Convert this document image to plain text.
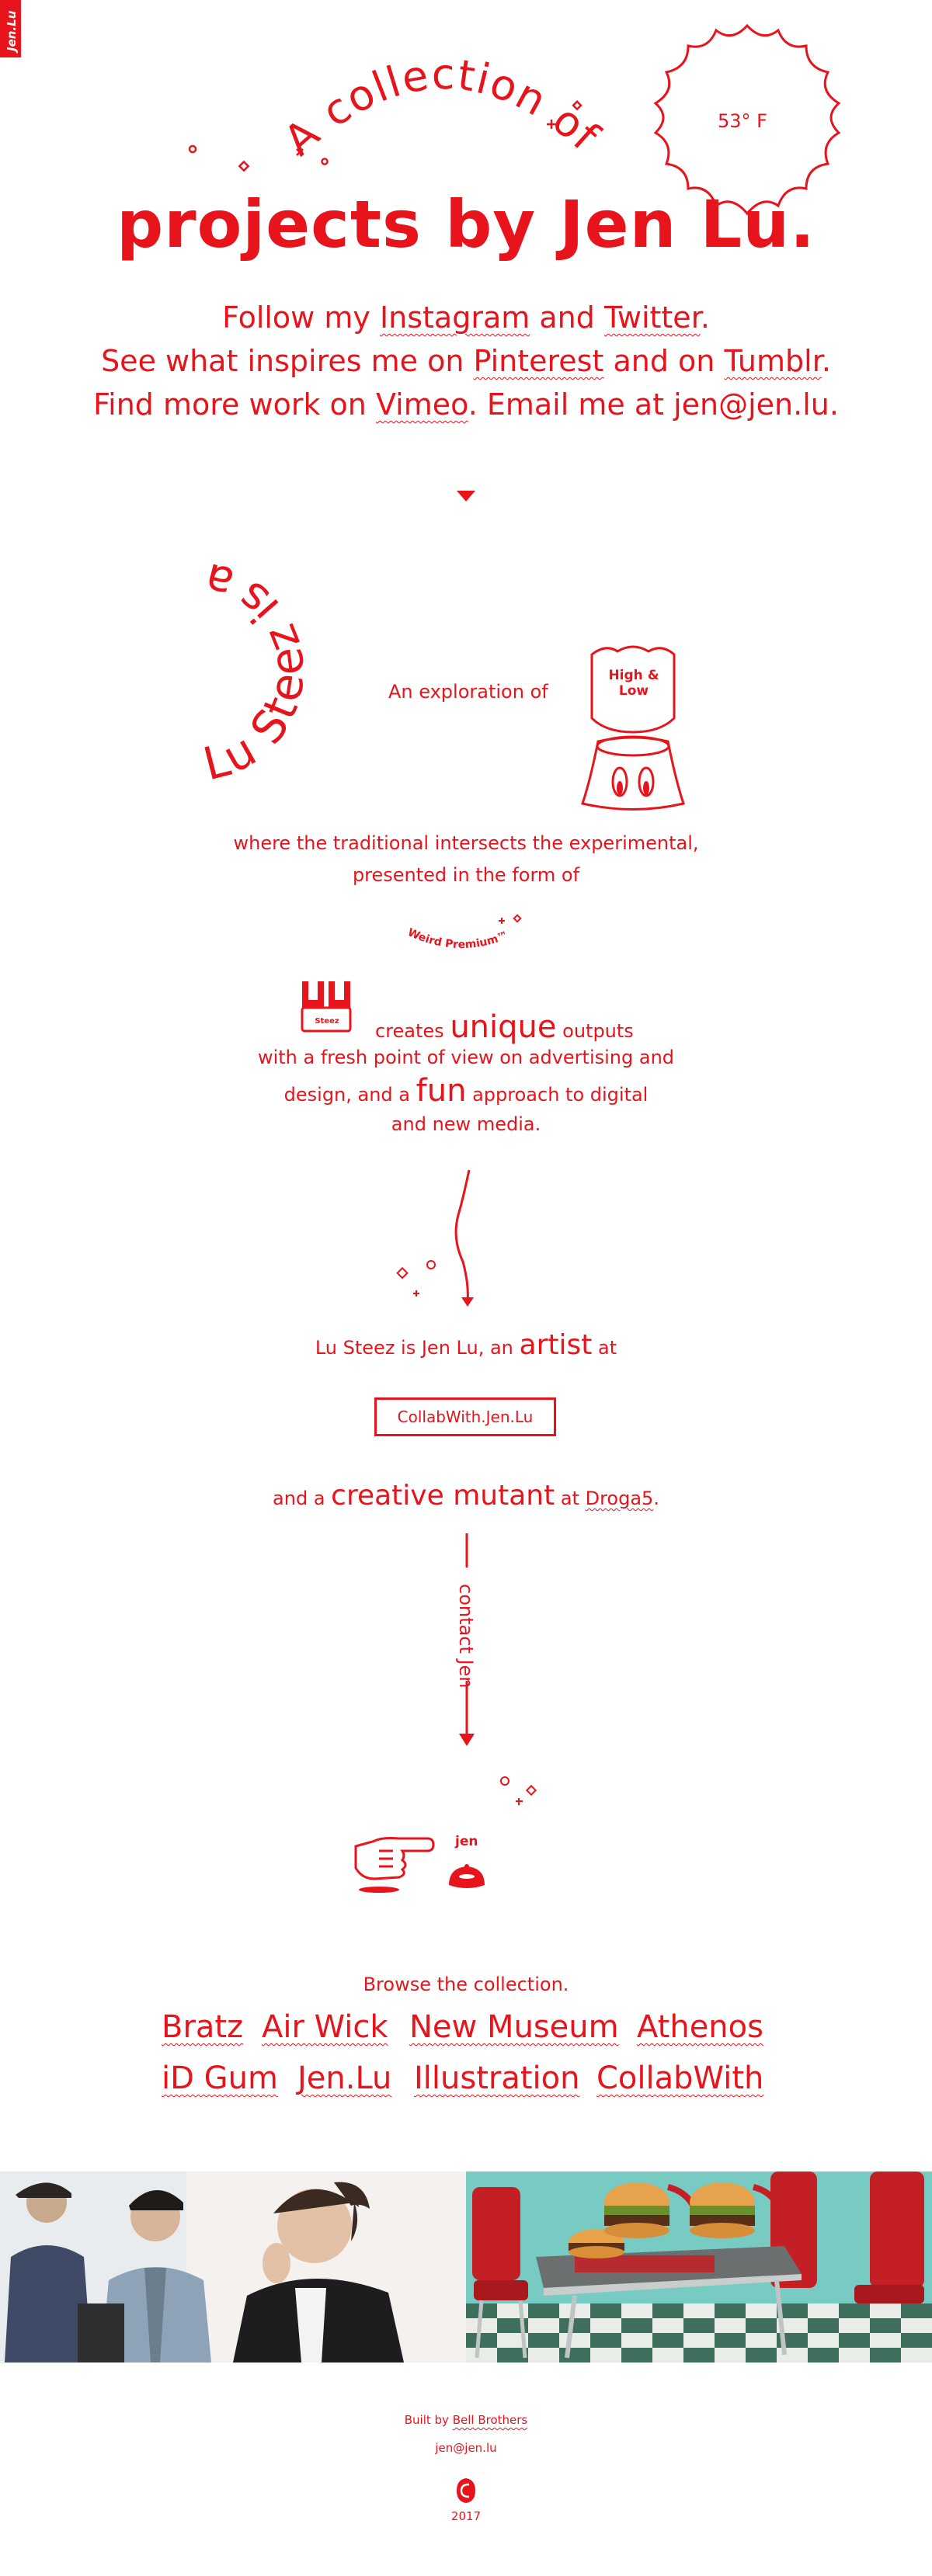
Jen.Lu
A collection of	53° F
projects by Jen Lu.
Follow my Instagram and Twitter.
See what inspires me on Pinterest and on Tumblr.
Find more work on Vimeo. Email me at jen@jen.lu.
Lu Steez is a
An exploration of
High & Low
where the traditional intersects the experimental,
presented in the form of
Weird Premium™
Steez	creates unique outputs
with a fresh point of view on advertising and
design, and a fun approach to digital
and new media.
Lu Steez is Jen Lu, an artist at
CollabWith.Jen.Lu
and a creative mutant at Droga5.
contact Jen
jen
Browse the collection.
Bratz Air Wick New Museum Athenos
iD Gum Jen.Lu Illustration CollabWith
Built by Bell Brothers
jen@jen.lu
2017
